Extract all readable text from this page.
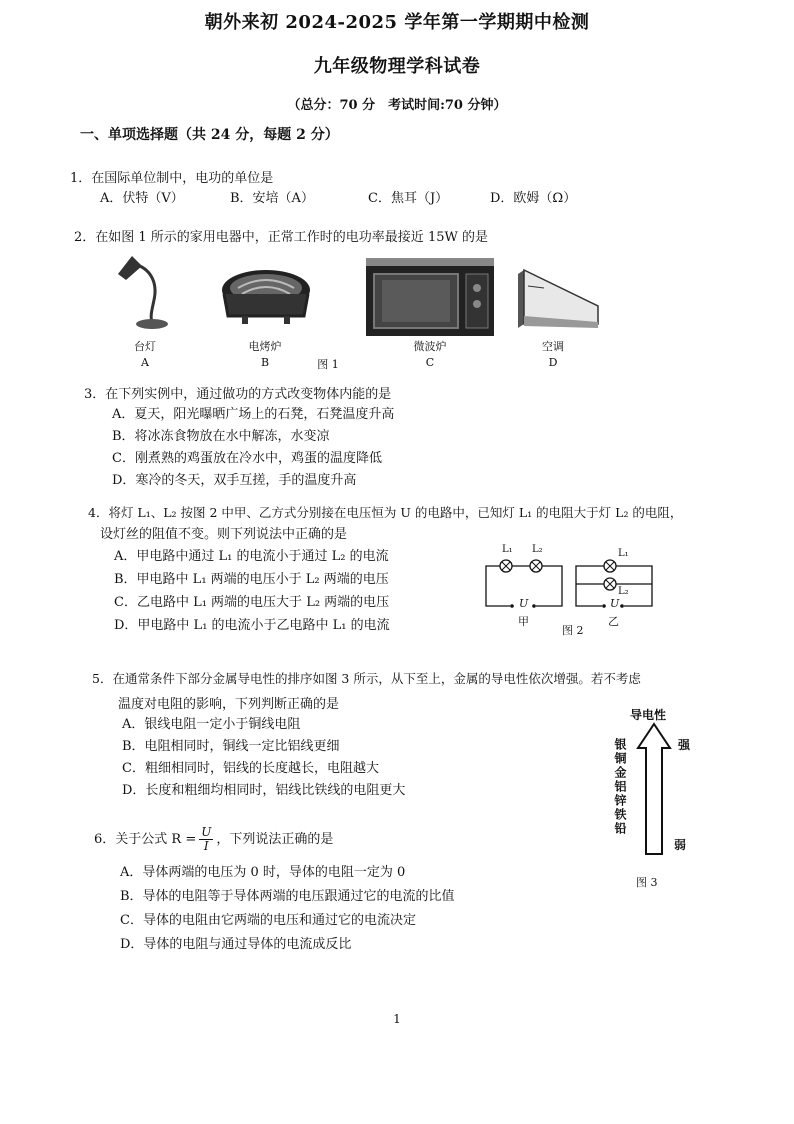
朝外来初 2024-2025 学年第一学期期中检测
九年级物理学科试卷
（总分：70 分　考试时间:70 分钟）
一、单项选择题（共 24 分，每题 2 分）
1．在国际单位制中，电功的单位是
A．伏特（V）	B．安培（A）	C．焦耳（J）	D．欧姆（Ω）
2．在如图 1 所示的家用电器中，正常工作时的电功率最接近 15W 的是
台灯
A
电烤炉
B	图 1
微波炉
C
空调
D
3．在下列实例中，通过做功的方式改变物体内能的是
A．夏天，阳光曝晒广场上的石凳，石凳温度升高
B．将冰冻食物放在水中解冻，水变凉
C．刚煮熟的鸡蛋放在冷水中，鸡蛋的温度降低
D．寒冷的冬天，双手互搓，手的温度升高
4．将灯 L₁、L₂ 按图 2 中甲、乙方式分别接在电压恒为 U 的电路中，已知灯 L₁ 的电阻大于灯 L₂ 的电阻，
设灯丝的阻值不变。则下列说法中正确的是
A．甲电路中通过 L₁ 的电流小于通过 L₂ 的电流
B．甲电路中 L₁ 两端的电压小于 L₂ 两端的电压
C．乙电路中 L₁ 两端的电压大于 L₂ 两端的电压
D．甲电路中 L₁ 的电流小于乙电路中 L₁ 的电流
L₁ L₂
U
甲
L₁
L₂
U
乙
图 2
5．在通常条件下部分金属导电性的排序如图 3 所示，从下至上，金属的导电性依次增强。若不考虑
温度对电阻的影响，下列判断正确的是
A．银线电阻一定小于铜线电阻
B．电阻相同时，铜线一定比铝线更细
C．粗细相同时，铝线的长度越长，电阻越大
D．长度和粗细均相同时，铝线比铁线的电阻更大
导电性
银铜金铝锌铁铅	强
弱
图 3
6．关于公式 $R = \frac{U}{I}$ ，下列说法正确的是
A．导体两端的电压为 0 时，导体的电阻一定为 0
B．导体的电阻等于导体两端的电压跟通过它的电流的比值
C．导体的电阻由它两端的电压和通过它的电流决定
D．导体的电阻与通过导体的电流成反比
1
